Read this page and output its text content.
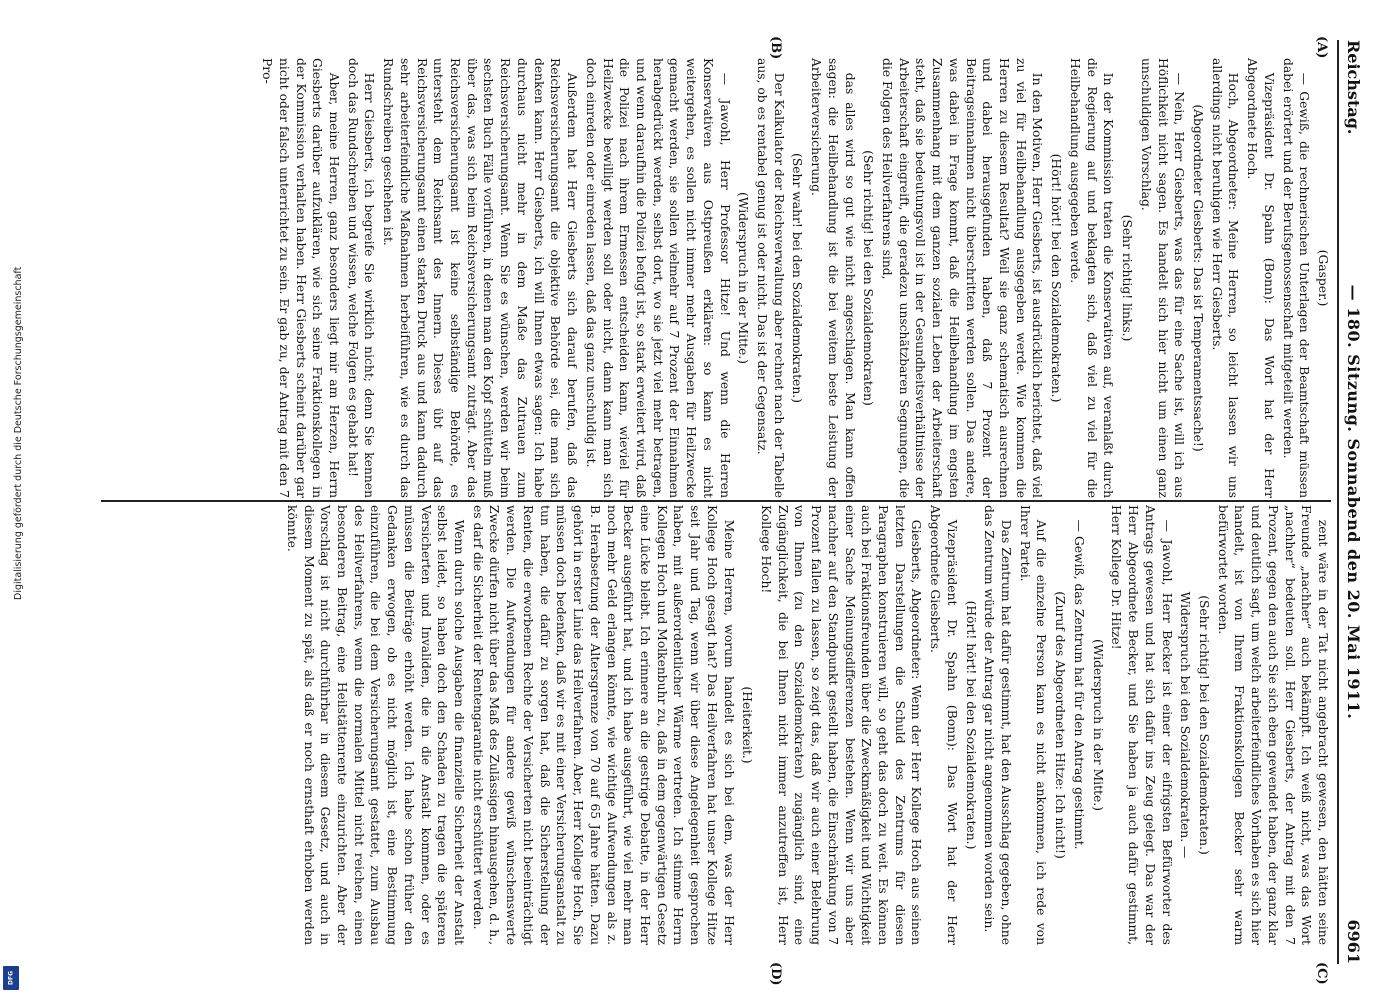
Reichstag.
— 180. Sitzung. Sonnabend den 20. Mai 1911.
6961
(A)
(B)
(C)
(D)

(Gasper.)

— Gewiß, die rechnerischen Unterlagen der Beamtschaft müssen dabei erörtert und der Berufsgenossenschaft mitgeteilt werden.

Vizepräsident Dr. Spahn (Bonn): Das Wort hat der Herr Abgeordnete Hoch.

Hoch, Abgeordneter: Meine Herren, so leicht lassen wir uns allerdings nicht beruhigen wie Herr Giesberts.

(Abgeordneter Giesberts: Das ist Temperamentssache!)

— Nein, Herr Giesberts, was das für eine Sache ist, will ich aus Höflichkeit nicht sagen. Es handelt sich hier nicht um einen ganz unschuldigen Vorschlag.

(Sehr richtig! links.)

In der Kommission traten die Konservativen auf, veranlaßt durch die Regierung auf und beklagten sich, daß viel zu viel für die Heilbehandlung ausgegeben werde.

(Hört! hört! bei den Sozialdemokraten.)

In den Motiven, Herr Giesberts, ist ausdrücklich berichtet, daß viel zu viel für Heilbehandlung ausgegeben werde. Wie kommen die Herren zu diesem Resultat? Weil sie ganz schematisch ausrechnen und dabei herausgefunden haben, daß 7 Prozent der Beitragseinnahmen nicht überschritten werden sollen. Das andere, was dabei in Frage kommt, daß die Heilbehandlung im engsten Zusammenhang mit dem ganzen sozialen Leben der Arbeiterschaft steht, daß sie bedeutungsvoll ist in der Gesundheitsverhältnisse der Arbeiterschaft eingreift, die geradezu unschätzbaren Segnungen, die die Folgen des Heilverfahrens sind,

(Sehr richtig! bei den Sozialdemokraten)

das alles wird so gut wie nicht angeschlagen. Man kann offen sagen: die Heilbehandlung ist die bei weitem beste Leistung der Arbeiterversicherung.

(Sehr wahr! bei den Sozialdemokraten.)

Der Kalkulator der Reichsverwaltung aber rechnet nach der Tabelle aus, ob es rentabel genug ist oder nicht. Das ist der Gegensatz.

(Widerspruch in der Mitte.)

— Jawohl, Herr Professor Hitze! Und wenn die Herren Konservativen aus Ostpreußen erklären: so kann es nicht weitergehen, es sollen nicht immer mehr Ausgaben für Heilzwecke gemacht werden, sie sollen vielmehr auf 7 Prozent der Einnahmen herabgedrückt werden, selbst dort, wo sie jetzt viel mehr betragen, und wenn daraufhin die Polizei befugt ist, so stark erweitert wird, daß die Polizei nach ihrem Ermessen entscheiden kann, wieviel für Heilzwecke bewilligt werden soll oder nicht, dann kann man sich doch einreden oder einreden lassen, daß das ganz unschuldig ist.

Außerdem hat Herr Giesberts sich darauf berufen, daß das Reichsversicherungsamt die objektive Behörde sei, die man sich denken kann. Herr Giesberts, ich will Ihnen etwas sagen: Ich habe durchaus nicht mehr in dem Maße das Zutrauen zum Reichsversicherungsamt. Wenn Sie es wünschen, werden wir beim sechsten Buch Fälle vorführen, in denen man den Kopf schütteln muß über das, was sich beim Reichsversicherungsamt zuträgt. Aber das Reichsversicherungsamt ist keine selbständige Behörde, es untersteht dem Reichsamt des Innern. Dieses übt auf das Reichsversicherungsamt einen starken Druck aus und kann dadurch sehr arbeiterfeindliche Maßnahmen herbeiführen, wie es durch das Rundschreiben geschehen ist.

Herr Giesberts, ich begreife Sie wirklich nicht; denn Sie kennen doch das Rundschreiben und wissen, welche Folgen es gehabt hat!

Aber, meine Herren, ganz besonders liegt mir am Herzen, Herrn Giesberts darüber aufzuklären, wie sich seine Fraktionskollegen in der Kommission verhalten haben. Herr Giesberts scheint darüber gar nicht oder falsch unterrichtet zu sein. Er gab zu, der Antrag mit den 7 Pro-

zent wäre in der Tat nicht angebracht gewesen, den hätten seine Freunde „nachher“ auch bekämpft. Ich weiß nicht, was das Wort „nachher“ bedeuten soll. Herr Giesberts, der Antrag mit den 7 Prozent, gegen den auch Sie sich eben gewendet haben, der ganz klar und deutlich sagt, um welch arbeiterfeindliches Vorhaben es sich hier handelt, ist von Ihrem Fraktionskollegen Becker sehr warm befürwortet worden.

(Sehr richtig! bei den Sozialdemokraten.)

Widerspruch bei den Sozialdemokraten. —

— Jawohl, Herr Becker ist einer der eifrigsten Befürworter des Antrags gewesen und hat sich dafür ins Zeug gelegt. Das war der Herr Abgeordnete Becker, und Sie haben ja auch dafür gestimmt, Herr Kollege Dr. Hitze!

(Widerspruch in der Mitte.)

— Gewiß, das Zentrum hat für den Antrag gestimmt.

(Zuruf des Abgeordneten Hitze: Ich nicht!)

Auf die einzelne Person kann es nicht ankommen, ich rede von Ihrer Partei.

Das Zentrum hat dafür gestimmt, hat den Ausschlag gegeben, ohne das Zentrum würde der Antrag gar nicht angenommen worden sein.

(Hört! hört! bei den Sozialdemokraten.)

Vizepräsident Dr. Spahn (Bonn): Das Wort hat der Herr Abgeordnete Giesberts.

Giesberts, Abgeordneter: Wenn der Herr Kollege Hoch aus seinen letzten Darstellungen die Schuld des Zentrums für diesen Paragraphen konstruieren will, so geht das doch zu weit. Es können auch bei Fraktionsfreunden über die Zweckmäßigkeit und Wichtigkeit einer Sache Meinungsdifferenzen bestehen. Wenn wir uns aber nachher auf den Standpunkt gestellt haben, die Einschränkung von 7 Prozent fallen zu lassen, so zeigt das, daß wir auch einer Belehrung von Ihnen (zu den Sozialdemokraten) zugänglich sind, eine Zugänglichkeit, die bei Ihnen nicht immer anzutreffen ist, Herr Kollege Hoch!

(Heiterkeit.)

Meine Herren, worum handelt es sich bei dem, was der Herr Kollege Hoch gesagt hat? Das Heilverfahren hat unser Kollege Hitze seit Jahr und Tag, wenn wir über diese Angelegenheit gesprochen haben, mit außerordentlicher Wärme vertreten. Ich stimme Herrn Kollegen Hoch und Molkenbuhr zu, daß in dem gegenwärtigen Gesetz eine Lücke bleibt. Ich erinnere an die gestrige Debatte, in der Herr Becker ausgeführt hat, und ich habe ausgeführt, wie viel mehr man noch mehr Geld erlangen könnte, wie wichtige Aufwendungen als z. B. Herabsetzung der Altersgrenze von 70 auf 65 Jahre hätten. Dazu gehört in erster Linie das Heilverfahren. Aber, Herr Kollege Hoch, Sie müssen doch bedenken, daß wir es mit einer Versicherungsanstalt zu tun haben, die dafür zu sorgen hat, daß die Sicherstellung der Renten, die erworbenen Rechte der Versicherten nicht beeinträchtigt werden. Die Aufwendungen für andere gewiß wünschenswerte Zwecke dürfen nicht über das Maß des Zulässigen hinausgehen, d. h., es darf die Sicherheit der Rentengarantie nicht erschüttert werden.

Wenn durch solche Ausgaben die finanzielle Sicherheit der Anstalt selbst leidet, so haben doch den Schaden zu tragen die späteren Versicherten und Invaliden, die in die Anstalt kommen, oder es müssen die Beiträge erhöht werden. Ich habe schon früher den Gedanken erwogen, ob es nicht möglich ist, eine Bestimmung einzuführen, die bei dem Versicherungsamt gestattet, zum Ausbau des Heilverfahrens, wenn die normalen Mittel nicht reichen, einen besonderen Beitrag, eine Heilstättenrente einzurichten. Aber der Vorschlag ist nicht durchführbar in diesem Gesetz, und auch in diesem Moment zu spät, als daß er noch ernsthaft erhoben werden könnte.

Digitalisierung gefördert durch die Deutsche Forschungsgemeinschaft
DFG
